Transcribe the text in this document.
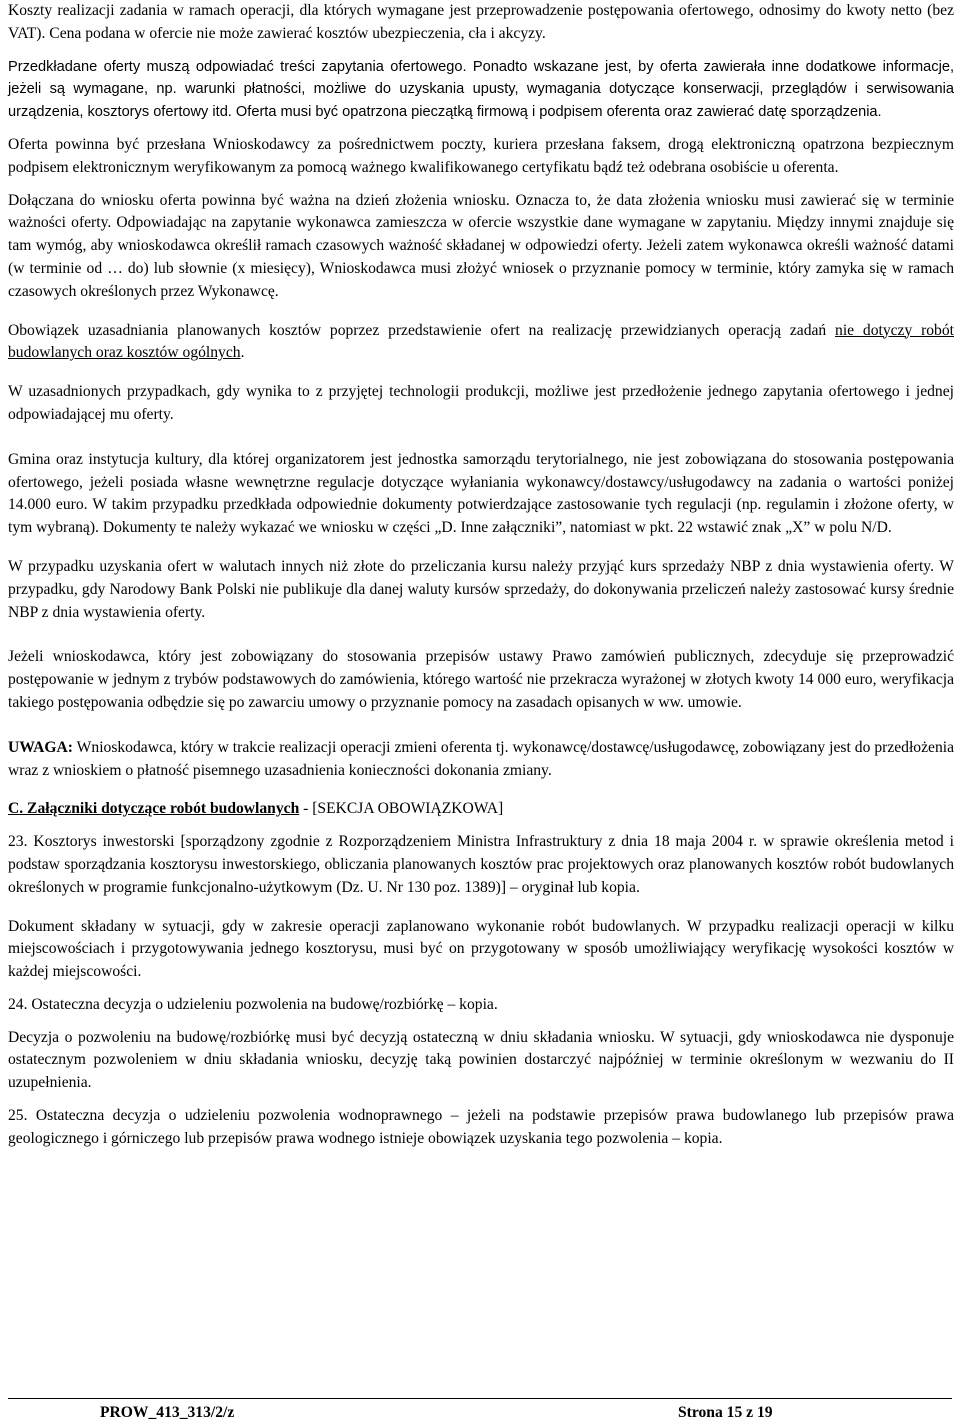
Koszty realizacji zadania w ramach operacji, dla których wymagane jest przeprowadzenie postępowania ofertowego, odnosimy do kwoty netto (bez VAT). Cena podana w ofercie nie może zawierać kosztów ubezpieczenia, cła i akcyzy.

Przedkładane oferty muszą odpowiadać treści zapytania ofertowego. Ponadto wskazane jest, by oferta zawierała inne dodatkowe informacje, jeżeli są wymagane, np. warunki płatności, możliwe do uzyskania upusty, wymagania dotyczące konserwacji, przeglądów i serwisowania urządzenia, kosztorys ofertowy itd. Oferta musi być opatrzona pieczątką firmową i podpisem oferenta oraz zawierać datę sporządzenia.

Oferta powinna być przesłana Wnioskodawcy za pośrednictwem poczty, kuriera przesłana faksem, drogą elektroniczną opatrzona bezpiecznym podpisem elektronicznym weryfikowanym za pomocą ważnego kwalifikowanego certyfikatu bądź też odebrana osobiście u oferenta.

Dołączana do wniosku oferta powinna być ważna na dzień złożenia wniosku. Oznacza to, że data złożenia wniosku musi zawierać się w terminie ważności oferty. Odpowiadając na zapytanie wykonawca zamieszcza w ofercie wszystkie dane wymagane w zapytaniu. Między innymi znajduje się tam wymóg, aby wnioskodawca określił ramach czasowych ważność składanej w odpowiedzi oferty. Jeżeli zatem wykonawca określi ważność datami (w terminie od … do) lub słownie (x miesięcy), Wnioskodawca musi złożyć wniosek o przyznanie pomocy w terminie, który zamyka się w ramach czasowych określonych przez Wykonawcę.

Obowiązek uzasadniania planowanych kosztów poprzez przedstawienie ofert na realizację przewidzianych operacją zadań nie dotyczy robót budowlanych oraz kosztów ogólnych.

W uzasadnionych przypadkach, gdy wynika to z przyjętej technologii produkcji, możliwe jest przedłożenie jednego zapytania ofertowego i jednej odpowiadającej mu oferty.

Gmina oraz instytucja kultury, dla której organizatorem jest jednostka samorządu terytorialnego, nie jest zobowiązana do stosowania postępowania ofertowego, jeżeli posiada własne wewnętrzne regulacje dotyczące wyłaniania wykonawcy/dostawcy/usługodawcy na zadania o wartości poniżej 14.000 euro. W takim przypadku przedkłada odpowiednie dokumenty potwierdzające zastosowanie tych regulacji (np. regulamin i złożone oferty, w tym wybraną). Dokumenty te należy wykazać we wniosku w części „D. Inne załączniki”, natomiast w pkt. 22 wstawić znak „X” w polu N/D.

W przypadku uzyskania ofert w walutach innych niż złote do przeliczania kursu należy przyjąć kurs sprzedaży NBP z dnia wystawienia oferty. W przypadku, gdy Narodowy Bank Polski nie publikuje dla danej waluty kursów sprzedaży, do dokonywania przeliczeń należy zastosować kursy średnie NBP z dnia wystawienia oferty.

Jeżeli wnioskodawca, który jest zobowiązany do stosowania przepisów ustawy Prawo zamówień publicznych, zdecyduje się przeprowadzić postępowanie w jednym z trybów podstawowych do zamówienia, którego wartość nie przekracza wyrażonej w złotych kwoty 14 000 euro, weryfikacja takiego postępowania odbędzie się po zawarciu umowy o przyznanie pomocy na zasadach opisanych w ww. umowie.

UWAGA: Wnioskodawca, który w trakcie realizacji operacji zmieni oferenta tj. wykonawcę/dostawcę/usługodawcę, zobowiązany jest do przedłożenia wraz z wnioskiem o płatność pisemnego uzasadnienia konieczności dokonania zmiany.

C. Załączniki dotyczące robót budowlanych - [SEKCJA OBOWIĄZKOWA]

23. Kosztorys inwestorski [sporządzony zgodnie z Rozporządzeniem Ministra Infrastruktury z dnia 18 maja 2004 r. w sprawie określenia metod i podstaw sporządzania kosztorysu inwestorskiego, obliczania planowanych kosztów prac projektowych oraz planowanych kosztów robót budowlanych określonych w programie funkcjonalno-użytkowym (Dz. U. Nr 130 poz. 1389)] – oryginał lub kopia.

Dokument składany w sytuacji, gdy w zakresie operacji zaplanowano wykonanie robót budowlanych. W przypadku realizacji operacji w kilku miejscowościach i przygotowywania jednego kosztorysu, musi być on przygotowany w sposób umożliwiający weryfikację wysokości kosztów w każdej miejscowości.

24. Ostateczna decyzja o udzieleniu pozwolenia na budowę/rozbiórkę – kopia.

Decyzja o pozwoleniu na budowę/rozbiórkę musi być decyzją ostateczną w dniu składania wniosku. W sytuacji, gdy wnioskodawca nie dysponuje ostatecznym pozwoleniem w dniu składania wniosku, decyzję taką powinien dostarczyć najpóźniej w terminie określonym w wezwaniu do II uzupełnienia.

25. Ostateczna decyzja o udzieleniu pozwolenia wodnoprawnego – jeżeli na podstawie przepisów prawa budowlanego lub przepisów prawa geologicznego i górniczego lub przepisów prawa wodnego istnieje obowiązek uzyskania tego pozwolenia – kopia.

PROW_413_313/2/z	Strona 15 z 19
